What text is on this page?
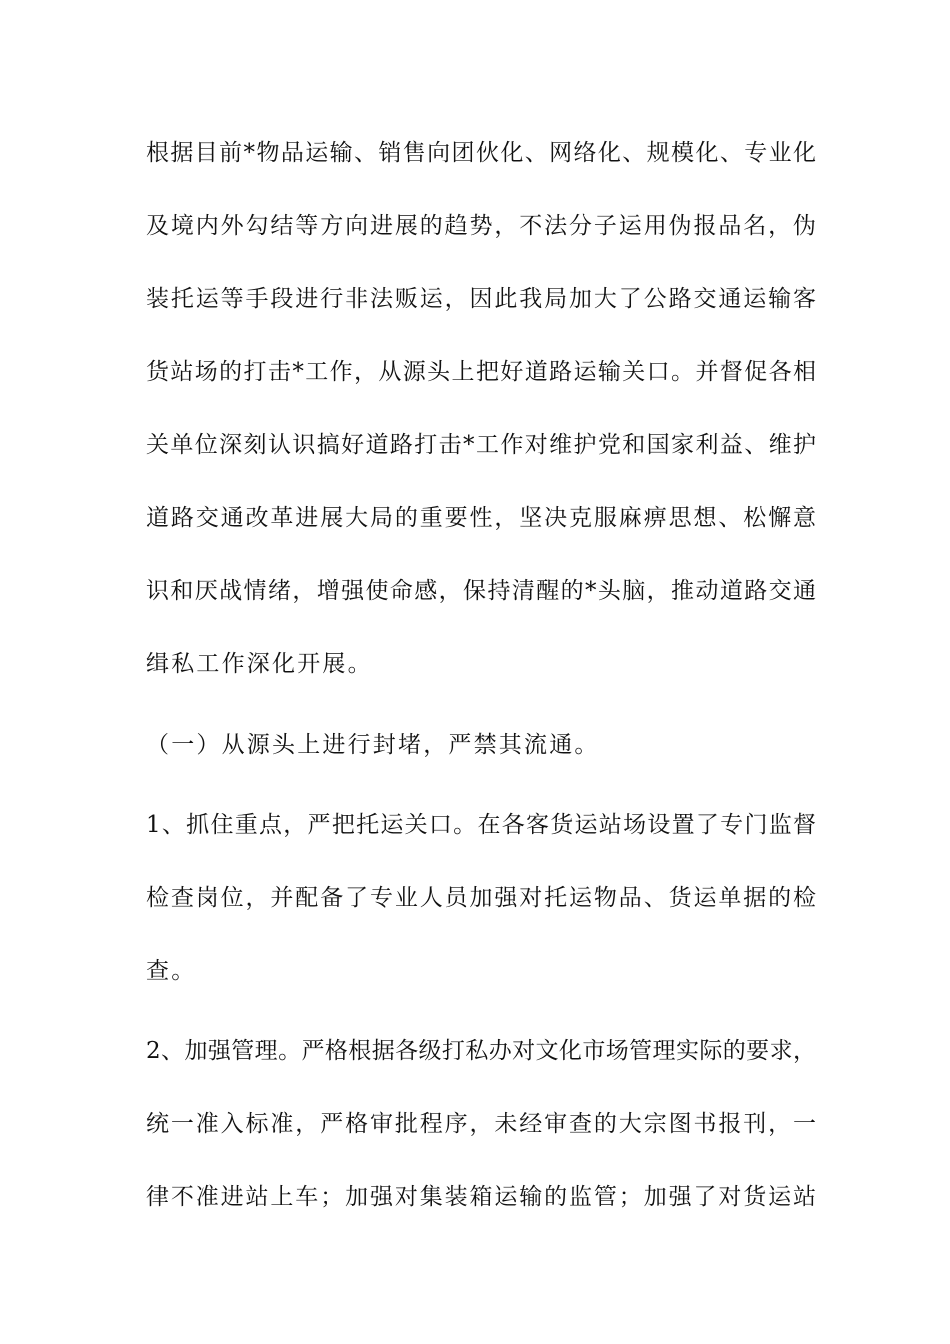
根据目前*物品运输、销售向团伙化、网络化、规模化、专业化

及境内外勾结等方向进展的趋势，不法分子运用伪报品名，伪

装托运等手段进行非法贩运，因此我局加大了公路交通运输客

货站场的打击*工作，从源头上把好道路运输关口。并督促各相

关单位深刻认识搞好道路打击*工作对维护党和国家利益、维护

道路交通改革进展大局的重要性，坚决克服麻痹思想、松懈意

识和厌战情绪，增强使命感，保持清醒的*头脑，推动道路交通

缉私工作深化开展。

（一）从源头上进行封堵，严禁其流通。

1、抓住重点，严把托运关口。在各客货运站场设置了专门监督

检查岗位，并配备了专业人员加强对托运物品、货运单据的检

查。

2、加强管理。严格根据各级打私办对文化市场管理实际的要求，

统一准入标准，严格审批程序，未经审查的大宗图书报刊，一

律不准进站上车；加强对集装箱运输的监管；加强了对货运站
